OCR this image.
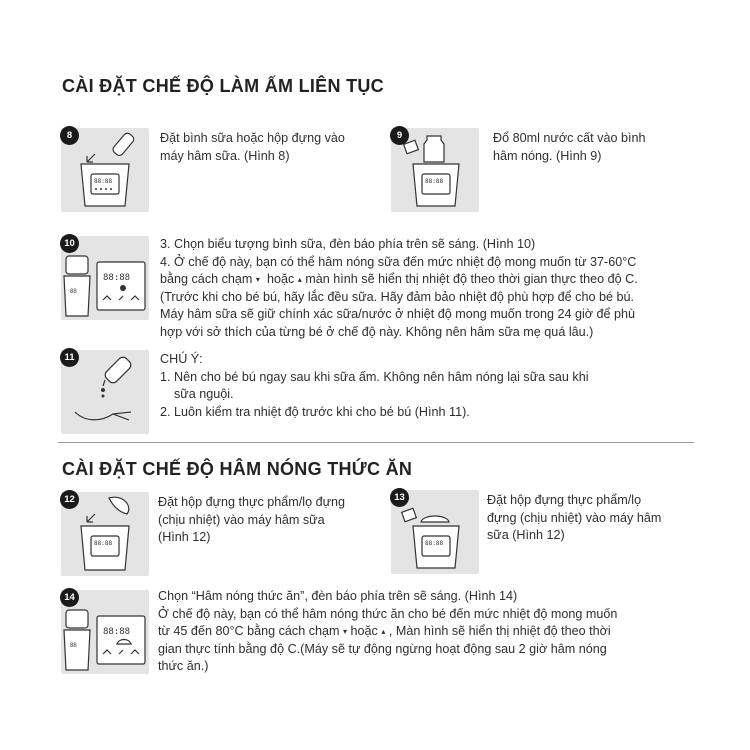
CÀI ĐẶT CHẾ ĐỘ LÀM ẤM LIÊN TỤC
8
88:88

Đặt bình sữa hoặc hộp đựng vào

máy hâm sữa. (Hình 8)

9
88:88

Đổ 80ml nước cất vào bình

hâm nóng. (Hình 9)

10
88:88
88

3. Chọn biểu tượng bình sữa, đèn báo phía trên sẽ sáng. (Hình 10)

4. Ở chế độ này, bạn có thể hâm nóng sữa đến mức nhiệt độ mong muốn từ 37-60°C

bằng cách chạm ▾ hoặc ▴ màn hình sẽ hiển thị nhiệt độ theo thời gian thực theo độ C.

(Trước khi cho bé bú, hãy lắc đều sữa. Hãy đảm bảo nhiệt độ phù hợp để cho bé bú.

Máy hâm sữa sẽ giữ chính xác sữa/nước ở nhiệt độ mong muốn trong 24 giờ để phù

hợp với sở thích của từng bé ở chế độ này. Không nên hâm sữa mẹ quá lâu.)

11	CHÚ Ý:

1. Nên cho bé bú ngay sau khi sữa ấm. Không nên hâm nóng lại sữa sau khi

sữa nguội.

2. Luôn kiểm tra nhiệt độ trước khi cho bé bú (Hình 11).

CÀI ĐẶT CHẾ ĐỘ HÂM NÓNG THỨC ĂN
12
88:88

Đặt hộp đựng thực phẩm/lọ đựng

(chịu nhiệt) vào máy hâm sữa

(Hình 12)

13
88:88

Đặt hộp đựng thực phẩm/lọ

đựng (chịu nhiệt) vào máy hâm

sữa (Hình 12)

14
88:88
88

Chọn “Hâm nóng thức ăn”, đèn báo phía trên sẽ sáng. (Hình 14)

Ở chế độ này, bạn có thể hâm nóng thức ăn cho bé đến mức nhiệt độ mong muốn

từ 45 đến 80°C bằng cách chạm ▾ hoặc ▴ , Màn hình sẽ hiển thị nhiệt độ theo thời

gian thực tính bằng độ C.(Máy sẽ tự động ngừng hoạt động sau 2 giờ hâm nóng

thức ăn.)
